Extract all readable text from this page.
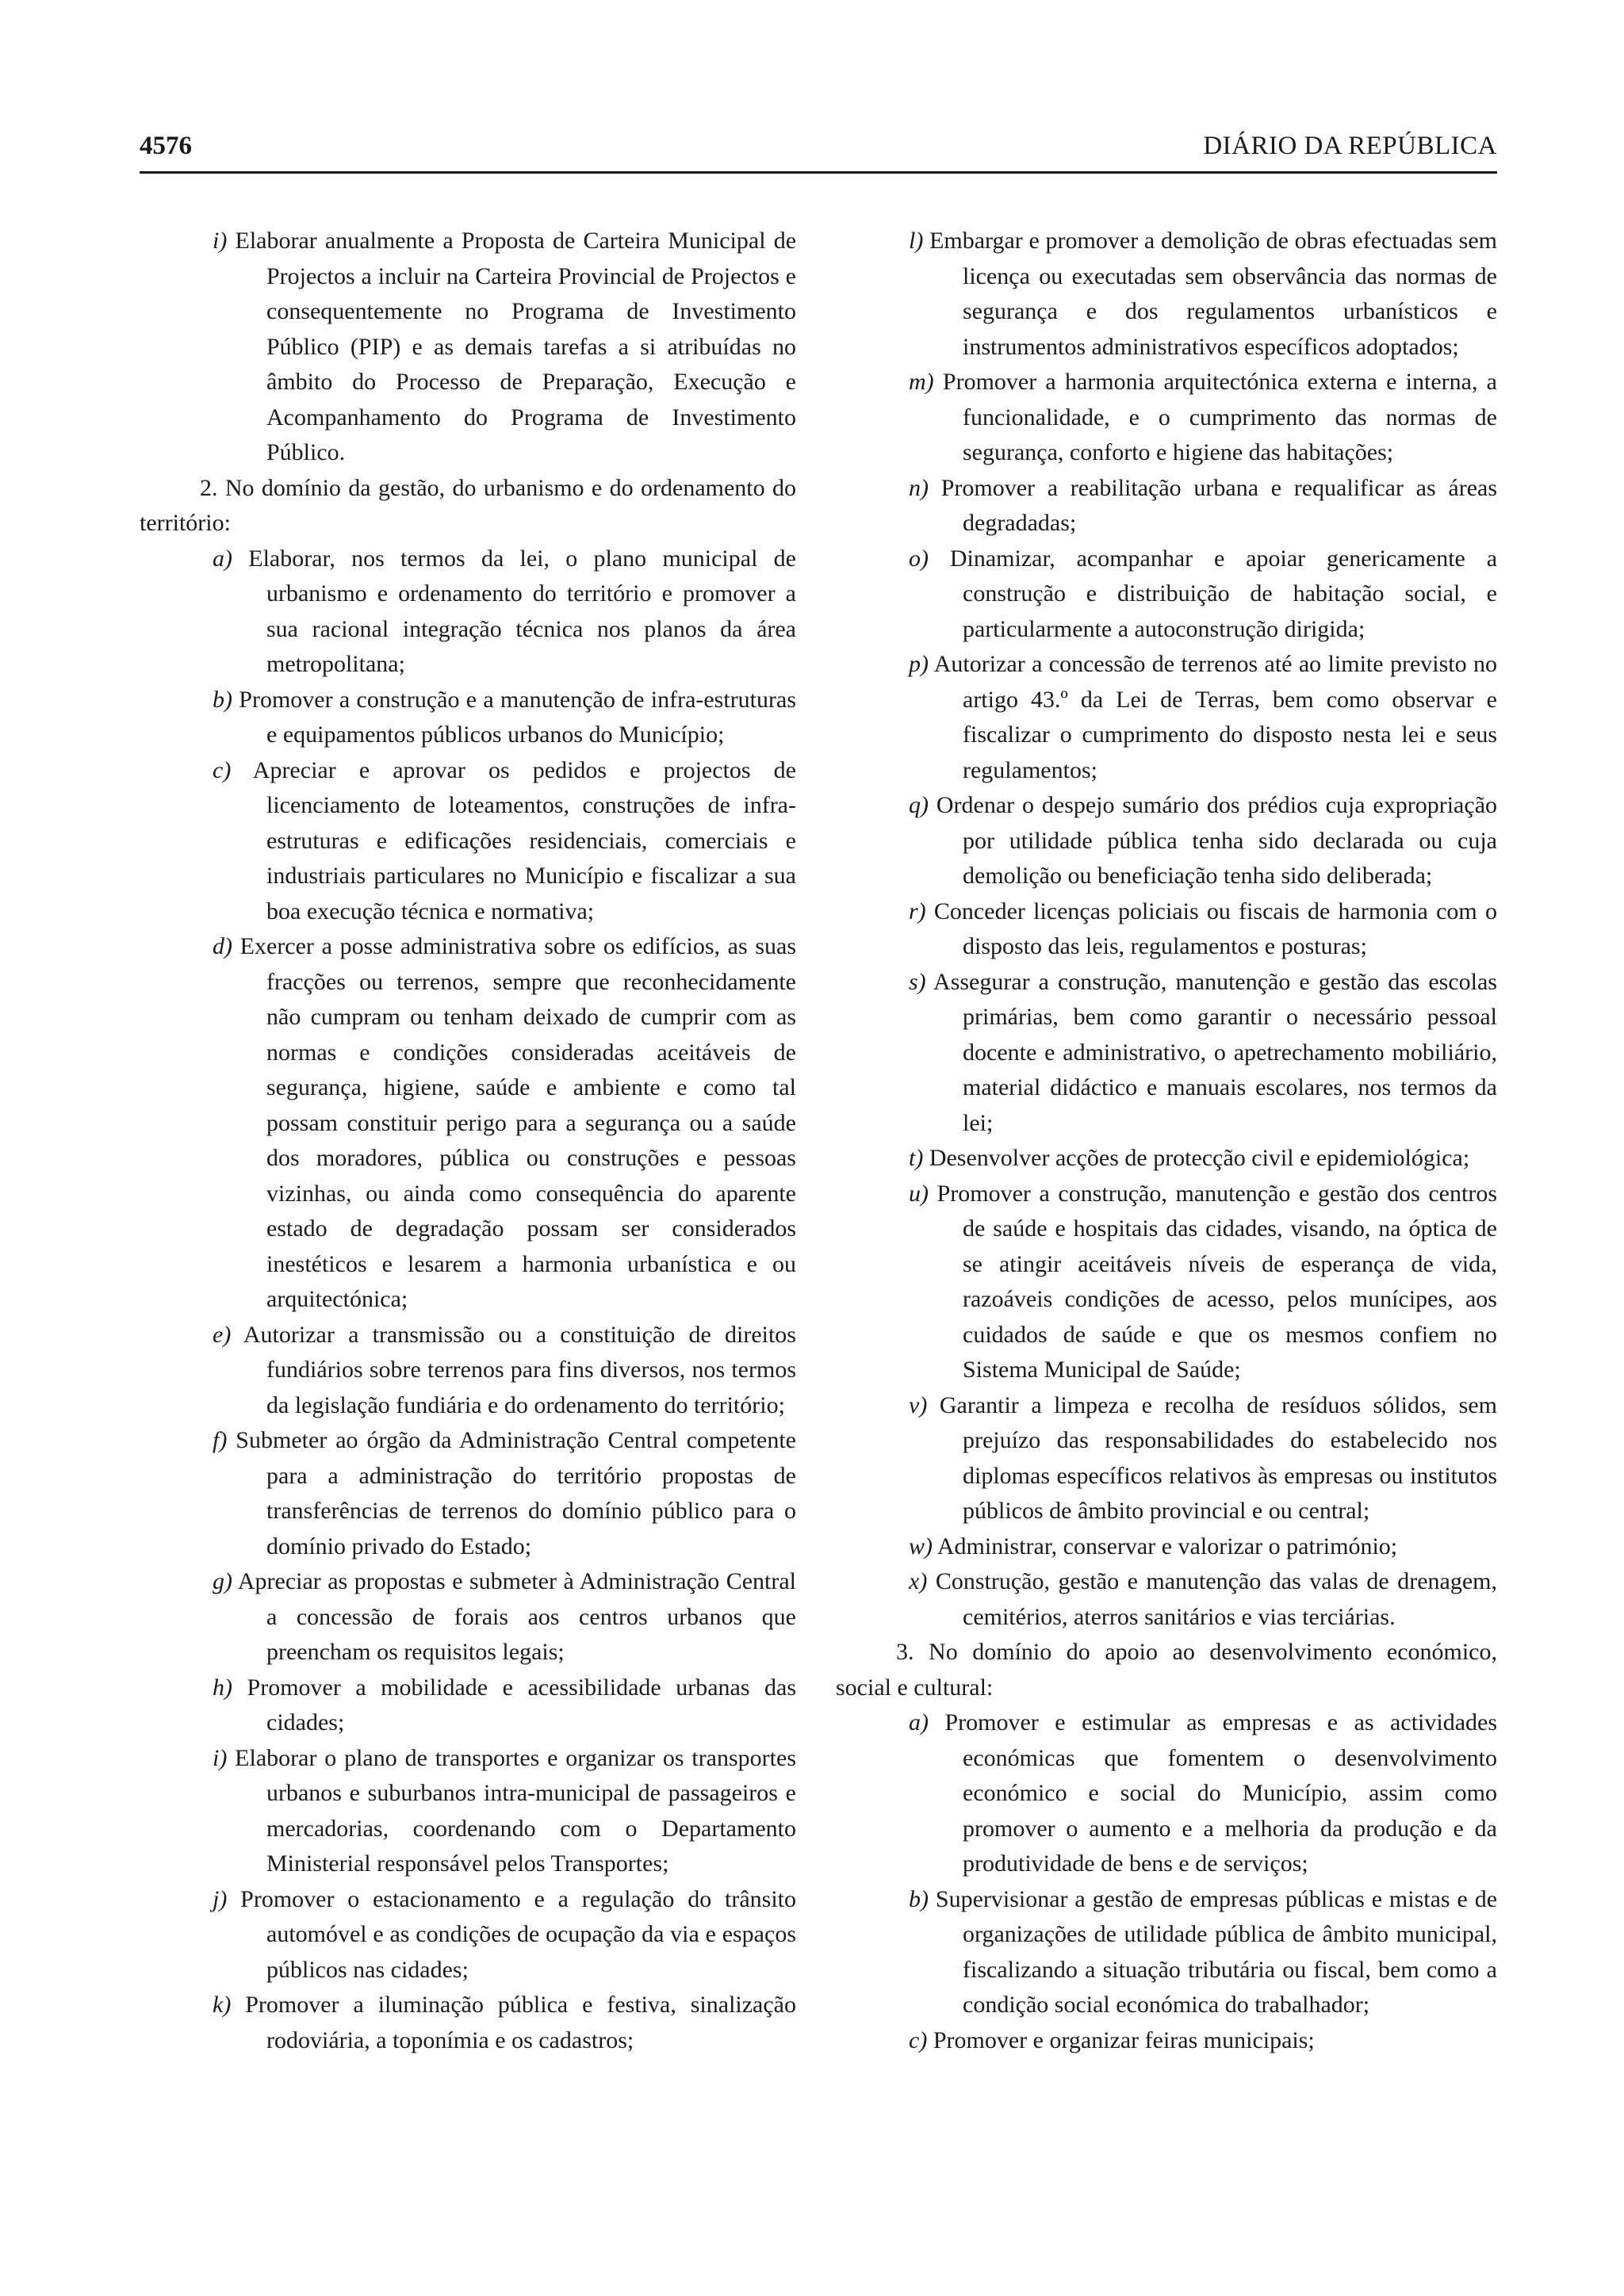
4576	DIÁRIO DA REPÚBLICA

i) Elaborar anualmente a Proposta de Carteira Municipal de Projectos a incluir na Carteira Provincial de Projectos e consequentemente no Programa de Investimento Público (PIP) e as demais tarefas a si atribuídas no âmbito do Processo de Preparação, Execução e Acompanhamento do Programa de Investimento Público.

2. No domínio da gestão, do urbanismo e do ordenamento do território:

a) Elaborar, nos termos da lei, o plano municipal de urbanismo e ordenamento do território e promover a sua racional integração técnica nos planos da área metropolitana;

b) Promover a construção e a manutenção de infra-estruturas e equipamentos públicos urbanos do Município;

c) Apreciar e aprovar os pedidos e projectos de licenciamento de loteamentos, construções de infra-estruturas e edificações residenciais, comerciais e industriais particulares no Município e fiscalizar a sua boa execução técnica e normativa;

d) Exercer a posse administrativa sobre os edifícios, as suas fracções ou terrenos, sempre que reconhecidamente não cumpram ou tenham deixado de cumprir com as normas e condições consideradas aceitáveis de segurança, higiene, saúde e ambiente e como tal possam constituir perigo para a segurança ou a saúde dos moradores, pública ou construções e pessoas vizinhas, ou ainda como consequência do aparente estado de degradação possam ser considerados inestéticos e lesarem a harmonia urbanística e ou arquitectónica;

e) Autorizar a transmissão ou a constituição de direitos fundiários sobre terrenos para fins diversos, nos termos da legislação fundiária e do ordenamento do território;

f) Submeter ao órgão da Administração Central competente para a administração do território propostas de transferências de terrenos do domínio público para o domínio privado do Estado;

g) Apreciar as propostas e submeter à Administração Central a concessão de forais aos centros urbanos que preencham os requisitos legais;

h) Promover a mobilidade e acessibilidade urbanas das cidades;

i) Elaborar o plano de transportes e organizar os transportes urbanos e suburbanos intra-municipal de passageiros e mercadorias, coordenando com o Departamento Ministerial responsável pelos Transportes;

j) Promover o estacionamento e a regulação do trânsito automóvel e as condições de ocupação da via e espaços públicos nas cidades;

k) Promover a iluminação pública e festiva, sinalização rodoviária, a toponímia e os cadastros;

l) Embargar e promover a demolição de obras efectuadas sem licença ou executadas sem observância das normas de segurança e dos regulamentos urbanísticos e instrumentos administrativos específicos adoptados;

m) Promover a harmonia arquitectónica externa e interna, a funcionalidade, e o cumprimento das normas de segurança, conforto e higiene das habitações;

n) Promover a reabilitação urbana e requalificar as áreas degradadas;

o) Dinamizar, acompanhar e apoiar genericamente a construção e distribuição de habitação social, e particularmente a autoconstrução dirigida;

p) Autorizar a concessão de terrenos até ao limite previsto no artigo 43.º da Lei de Terras, bem como observar e fiscalizar o cumprimento do disposto nesta lei e seus regulamentos;

q) Ordenar o despejo sumário dos prédios cuja expropriação por utilidade pública tenha sido declarada ou cuja demolição ou beneficiação tenha sido deliberada;

r) Conceder licenças policiais ou fiscais de harmonia com o disposto das leis, regulamentos e posturas;

s) Assegurar a construção, manutenção e gestão das escolas primárias, bem como garantir o necessário pessoal docente e administrativo, o apetrechamento mobiliário, material didáctico e manuais escolares, nos termos da lei;

t) Desenvolver acções de protecção civil e epidemiológica;

u) Promover a construção, manutenção e gestão dos centros de saúde e hospitais das cidades, visando, na óptica de se atingir aceitáveis níveis de esperança de vida, razoáveis condições de acesso, pelos munícipes, aos cuidados de saúde e que os mesmos confiem no Sistema Municipal de Saúde;

v) Garantir a limpeza e recolha de resíduos sólidos, sem prejuízo das responsabilidades do estabelecido nos diplomas específicos relativos às empresas ou institutos públicos de âmbito provincial e ou central;

w) Administrar, conservar e valorizar o património;

x) Construção, gestão e manutenção das valas de drenagem, cemitérios, aterros sanitários e vias terciárias.

3. No domínio do apoio ao desenvolvimento económico, social e cultural:

a) Promover e estimular as empresas e as actividades económicas que fomentem o desenvolvimento económico e social do Município, assim como promover o aumento e a melhoria da produção e da produtividade de bens e de serviços;

b) Supervisionar a gestão de empresas públicas e mistas e de organizações de utilidade pública de âmbito municipal, fiscalizando a situação tributária ou fiscal, bem como a condição social económica do trabalhador;

c) Promover e organizar feiras municipais;
